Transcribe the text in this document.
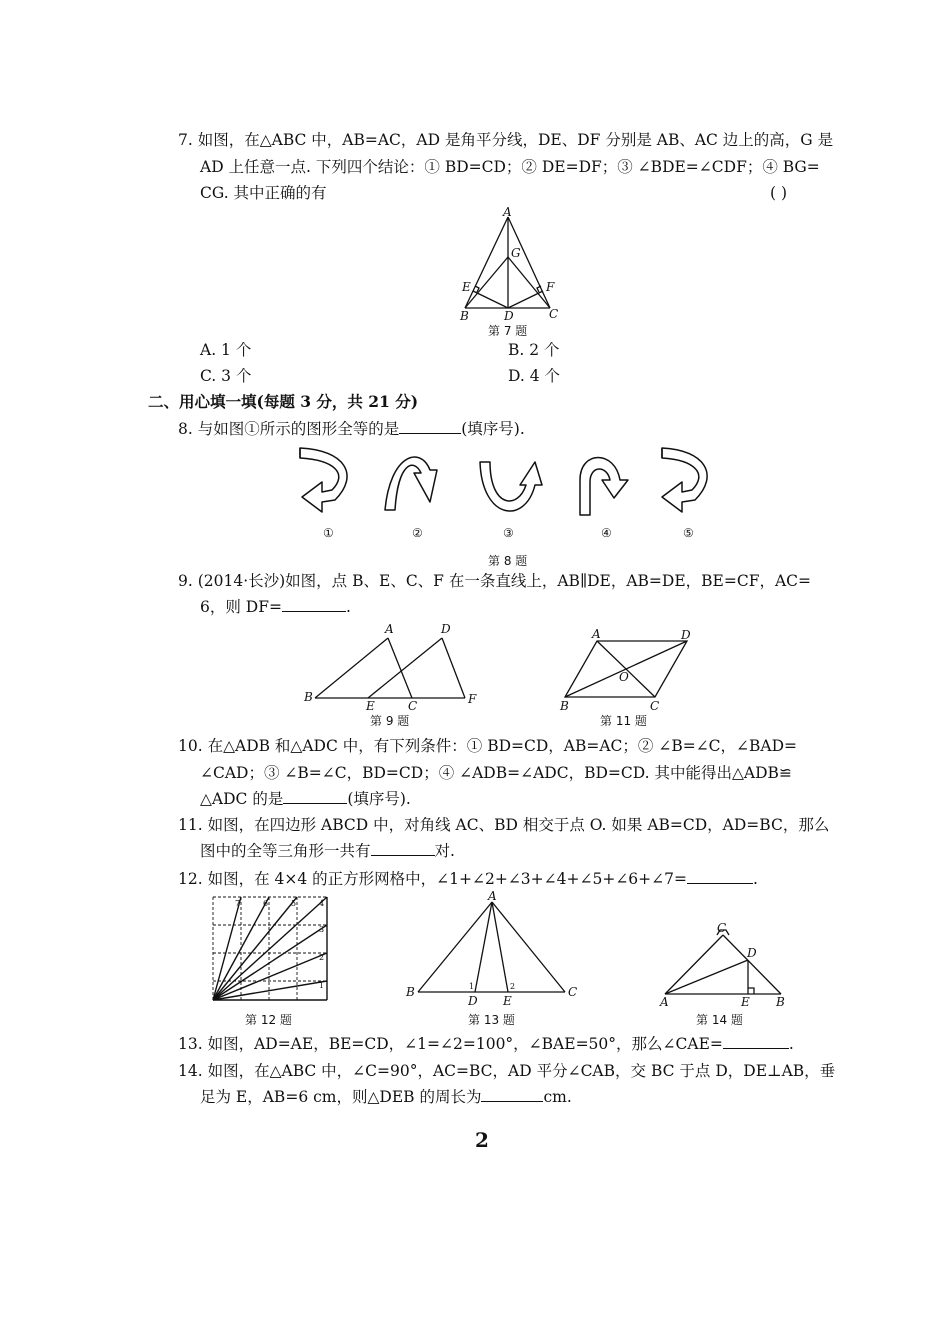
7. 如图，在△ABC 中，AB=AC，AD 是角平分线，DE、DF 分别是 AB、AC 边上的高，G 是
AD 上任意一点. 下列四个结论：① BD=CD；② DE=DF；③ ∠BDE=∠CDF；④ BG=
CG. 其中正确的有	( )
A
G
E	F
B	D	C
第 7 题
A. 1 个	B. 2 个
C. 3 个	D. 4 个
二、用心填一填(每题 3 分，共 21 分)
8. 与如图①所示的图形全等的是	(填序号).
①	②	③	④	⑤
第 8 题
9. (2014·长沙)如图，点 B、E、C、F 在一条直线上，AB∥DE，AB=DE，BE=CF，AC=
6，则 DF=	.
A	D
B
E	C	F
第 9 题
A	D
O
B	C
第 11 题
10. 在△ADB 和△ADC 中，有下列条件：① BD=CD，AB=AC；② ∠B=∠C，∠BAD=
∠CAD；③ ∠B=∠C，BD=CD；④ ∠ADB=∠ADC，BD=CD. 其中能得出△ADB≌
△ADC 的是	(填序号).
11. 如图，在四边形 ABCD 中，对角线 AC、BD 相交于点 O. 如果 AB=CD，AD=BC，那么
图中的全等三角形一共有	对.
12. 如图，在 4×4 的正方形网格中，∠1+∠2+∠3+∠4+∠5+∠6+∠7=	.
1
2
3
4
5
6
7
第 12 题
A
B
D E
C
1	2
第 13 题
C
D
A	E B
第 14 题
13. 如图，AD=AE，BE=CD，∠1=∠2=100°，∠BAE=50°，那么∠CAE=	.
14. 如图，在△ABC 中，∠C=90°，AC=BC，AD 平分∠CAB，交 BC 于点 D，DE⊥AB，垂
足为 E，AB=6 cm，则△DEB 的周长为	cm.
2
